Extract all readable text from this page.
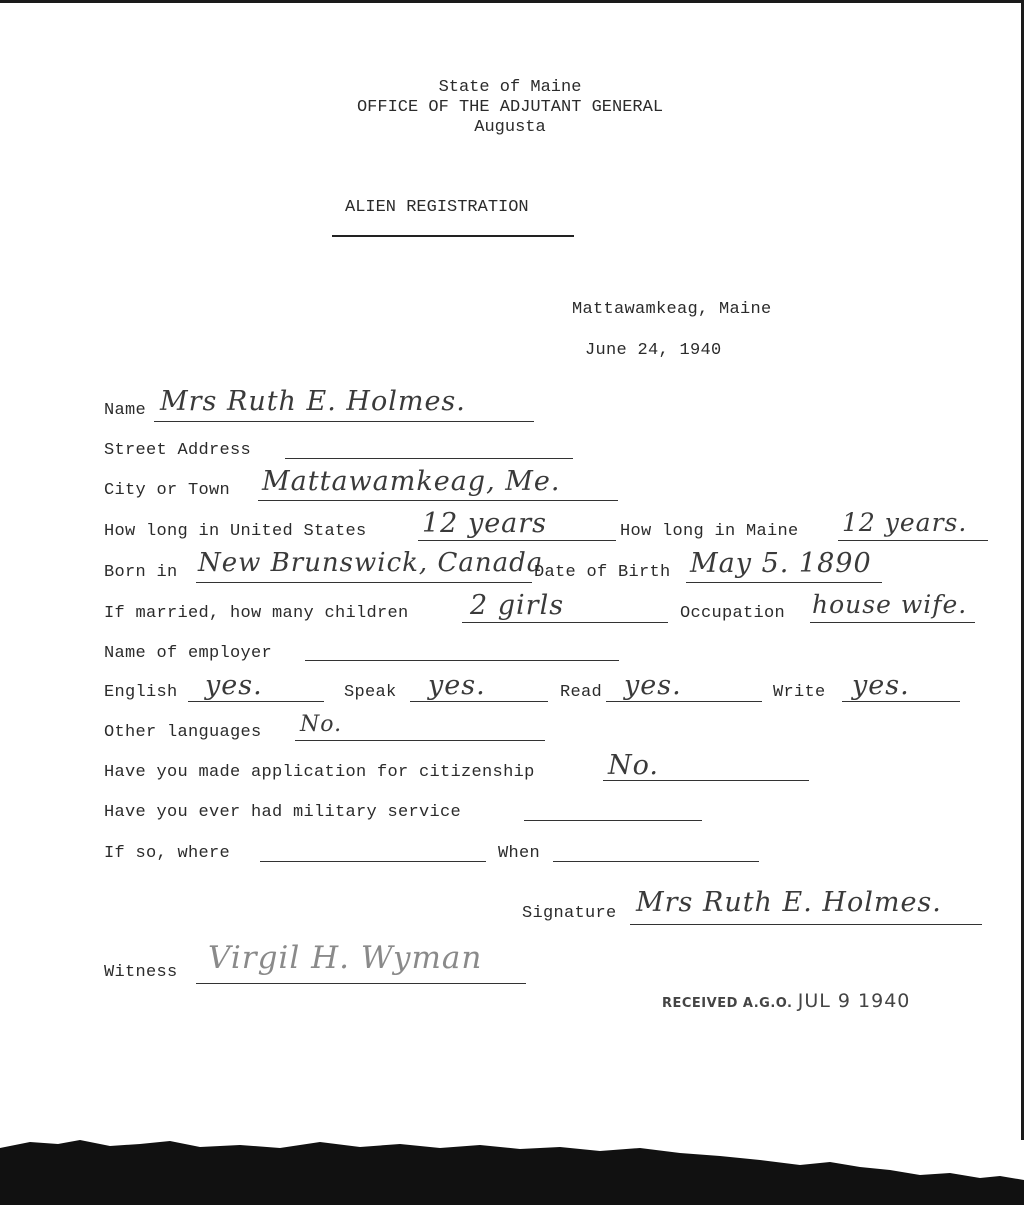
State of Maine
OFFICE OF THE ADJUTANT GENERAL
Augusta
ALIEN REGISTRATION
Mattawamkeag, Maine
June 24, 1940
Name Mrs Ruth E. Holmes.
Street Address
City or Town Mattawamkeag, Me.
How long in United States 12 years	How long in Maine 12 years.
Born in New Brunswick, Canada
Date of Birth May 5. 1890
If married, how many children 2 girls	Occupation house wife.
Name of employer
English yes.	Speak yes.	Read yes.	Write yes.
Other languages No.
Have you made application for citizenship	No.
Have you ever had military service
If so, where	When
Signature Mrs Ruth E. Holmes.
Witness Virgil H. Wyman
RECEIVED A.G.O. JUL 9 1940
